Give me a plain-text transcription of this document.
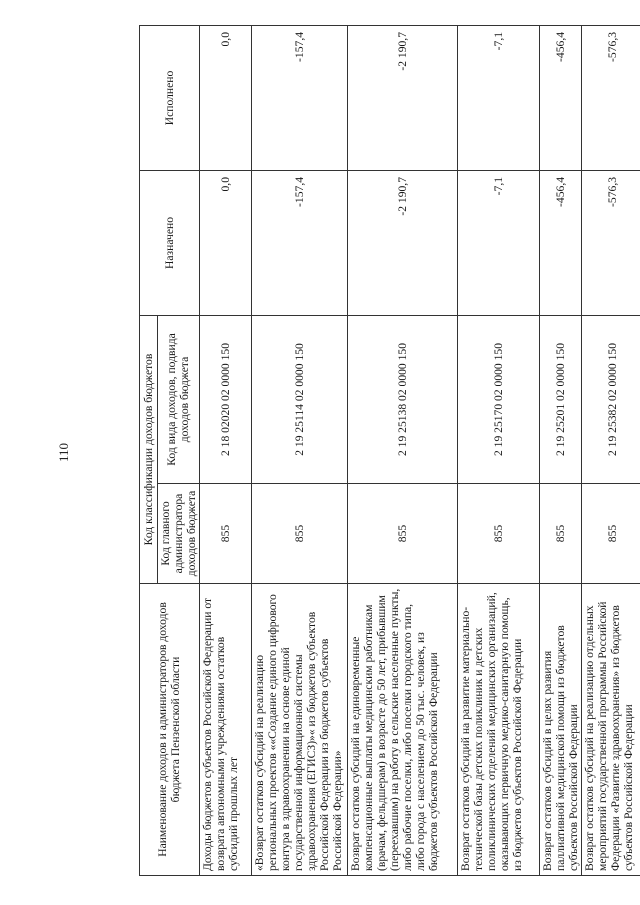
110
Наименование доходов и администраторов доходов бюджета Пензенской области	Код классификации доходов бюджетов		Назначено	Исполнено
	Код главного администратора доходов бюджета	Код вида доходов, подвида доходов бюджета		
Доходы бюджетов субъектов Российской Федерации от возврата автономными учреждениями остатков субсидий прошлых лет	855	2 18 02020 02 0000 150	0,0	0,0
«Возврат остатков субсидий на реализацию региональных проектов ««Создание единого цифрового контура в здравоохранении на основе единой государственной информационной системы здравоохранения (ЕГИСЗ)»« из бюджетов субъектов Российской Федерации из бюджетов субъектов Российской Федерации»	855	2 19 25114 02 0000 150	-157,4	-157,4
Возврат остатков субсидий на единовременные компенсационные выплаты медицинским работникам (врачам, фельдшерам) в возрасте до 50 лет, прибывшим (переехавшим) на работу в сельские населенные пункты, либо рабочие поселки, либо поселки городского типа, либо города с населением до 50 тыс. человек, из бюджетов субъектов Российской Федерации	855	2 19 25138 02 0000 150	-2 190,7	-2 190,7
Возврат остатков субсидий на развитие материально-технической базы детских поликлиник и детских поликлинических отделений медицинских организаций, оказывающих первичную медико-санитарную помощь, из бюджетов субъектов Российской Федерации	855	2 19 25170 02 0000 150	-7,1	-7,1
Возврат остатков субсидий в целях развития паллиативной медицинской помощи из бюджетов субъектов Российской Федерации	855	2 19 25201 02 0000 150	-456,4	-456,4
Возврат остатков субсидий на реализацию отдельных мероприятий государственной программы Российской Федерации «Развитие здравоохранения» из бюджетов субъектов Российской Федерации	855	2 19 25382 02 0000 150	-576,3	-576,3
